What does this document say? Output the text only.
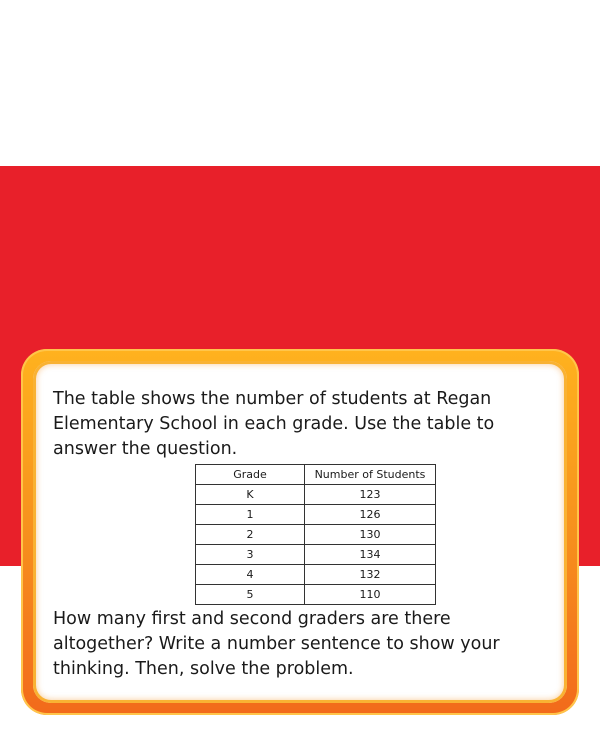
The table shows the number of students at Regan Elementary School in each grade. Use the table to answer the question.

Grade	Number of Students
K	123
1	126
2	130
3	134
4	132
5	110

How many first and second graders are there altogether? Write a number sentence to show your thinking. Then, solve the problem.
